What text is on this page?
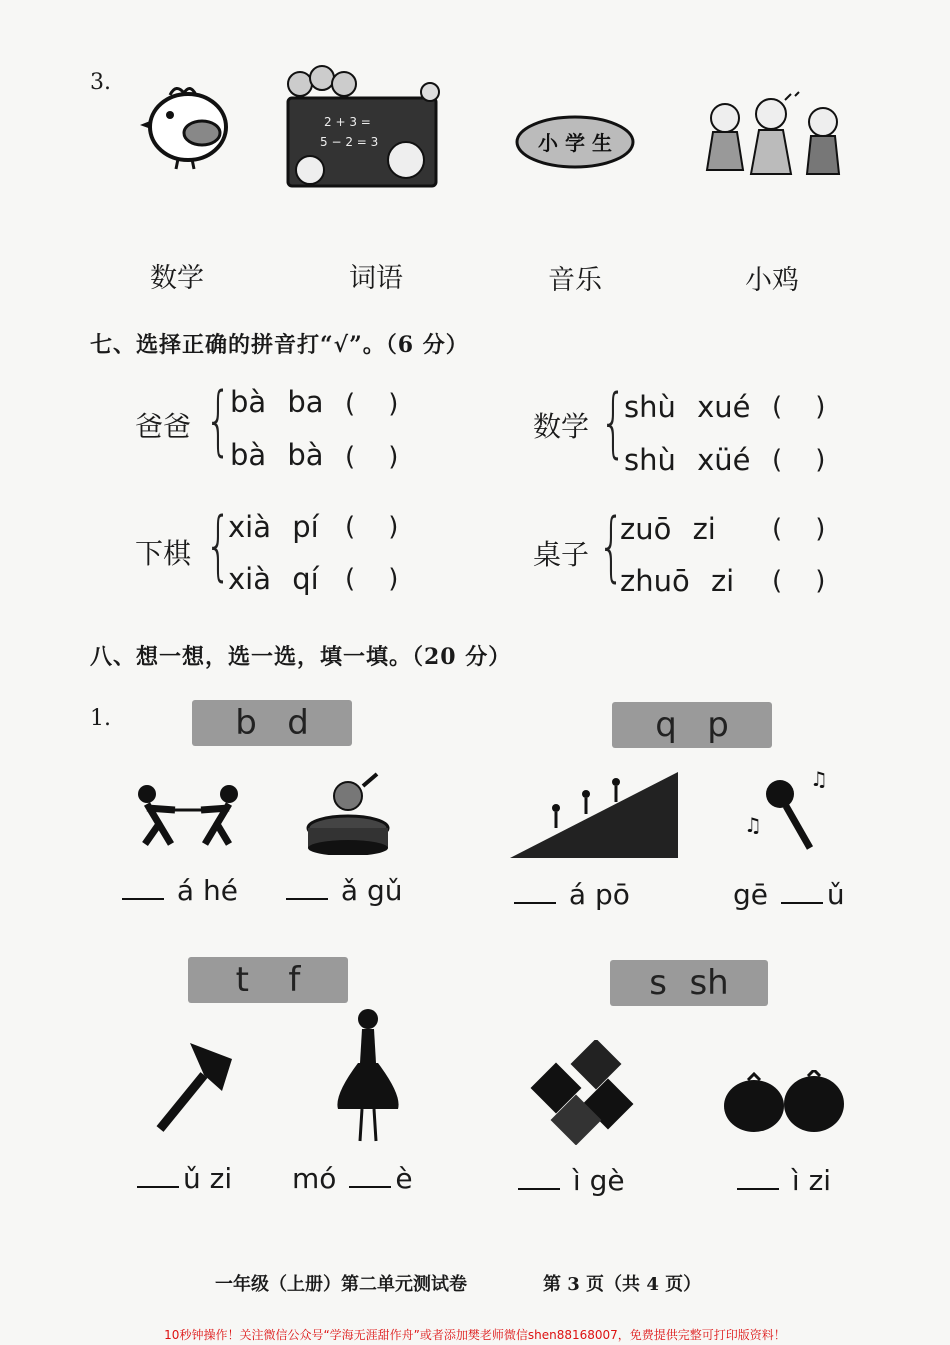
3.
2 + 3 =
5 − 2 = 3	小 学 生
数学	词语	音乐	小鸡
七、选择正确的拼音打“√”。（6 分）
爸爸 {
bà ba (    )
bà bà (    )
数学 {
shù xué (    )
shù xüé (    )
下棋 {
xià pí (    )
xià qí (    )
桌子 {
zuō zi (    )
zhuō zi (    )
八、想一想，选一选，填一填。（20 分）
1.	b d	q p
t f	s sh
♫
♫
á hé	ǎ gǔ	á pō	gē ǔ
ǔ zi mó è	ì gè	ì zi
一年级（上册）第二单元测试卷	第 3 页（共 4 页）
10秒钟操作！关注微信公众号“学海无涯甜作舟”或者添加樊老师微信shen88168007，免费提供完整可打印版资料！
